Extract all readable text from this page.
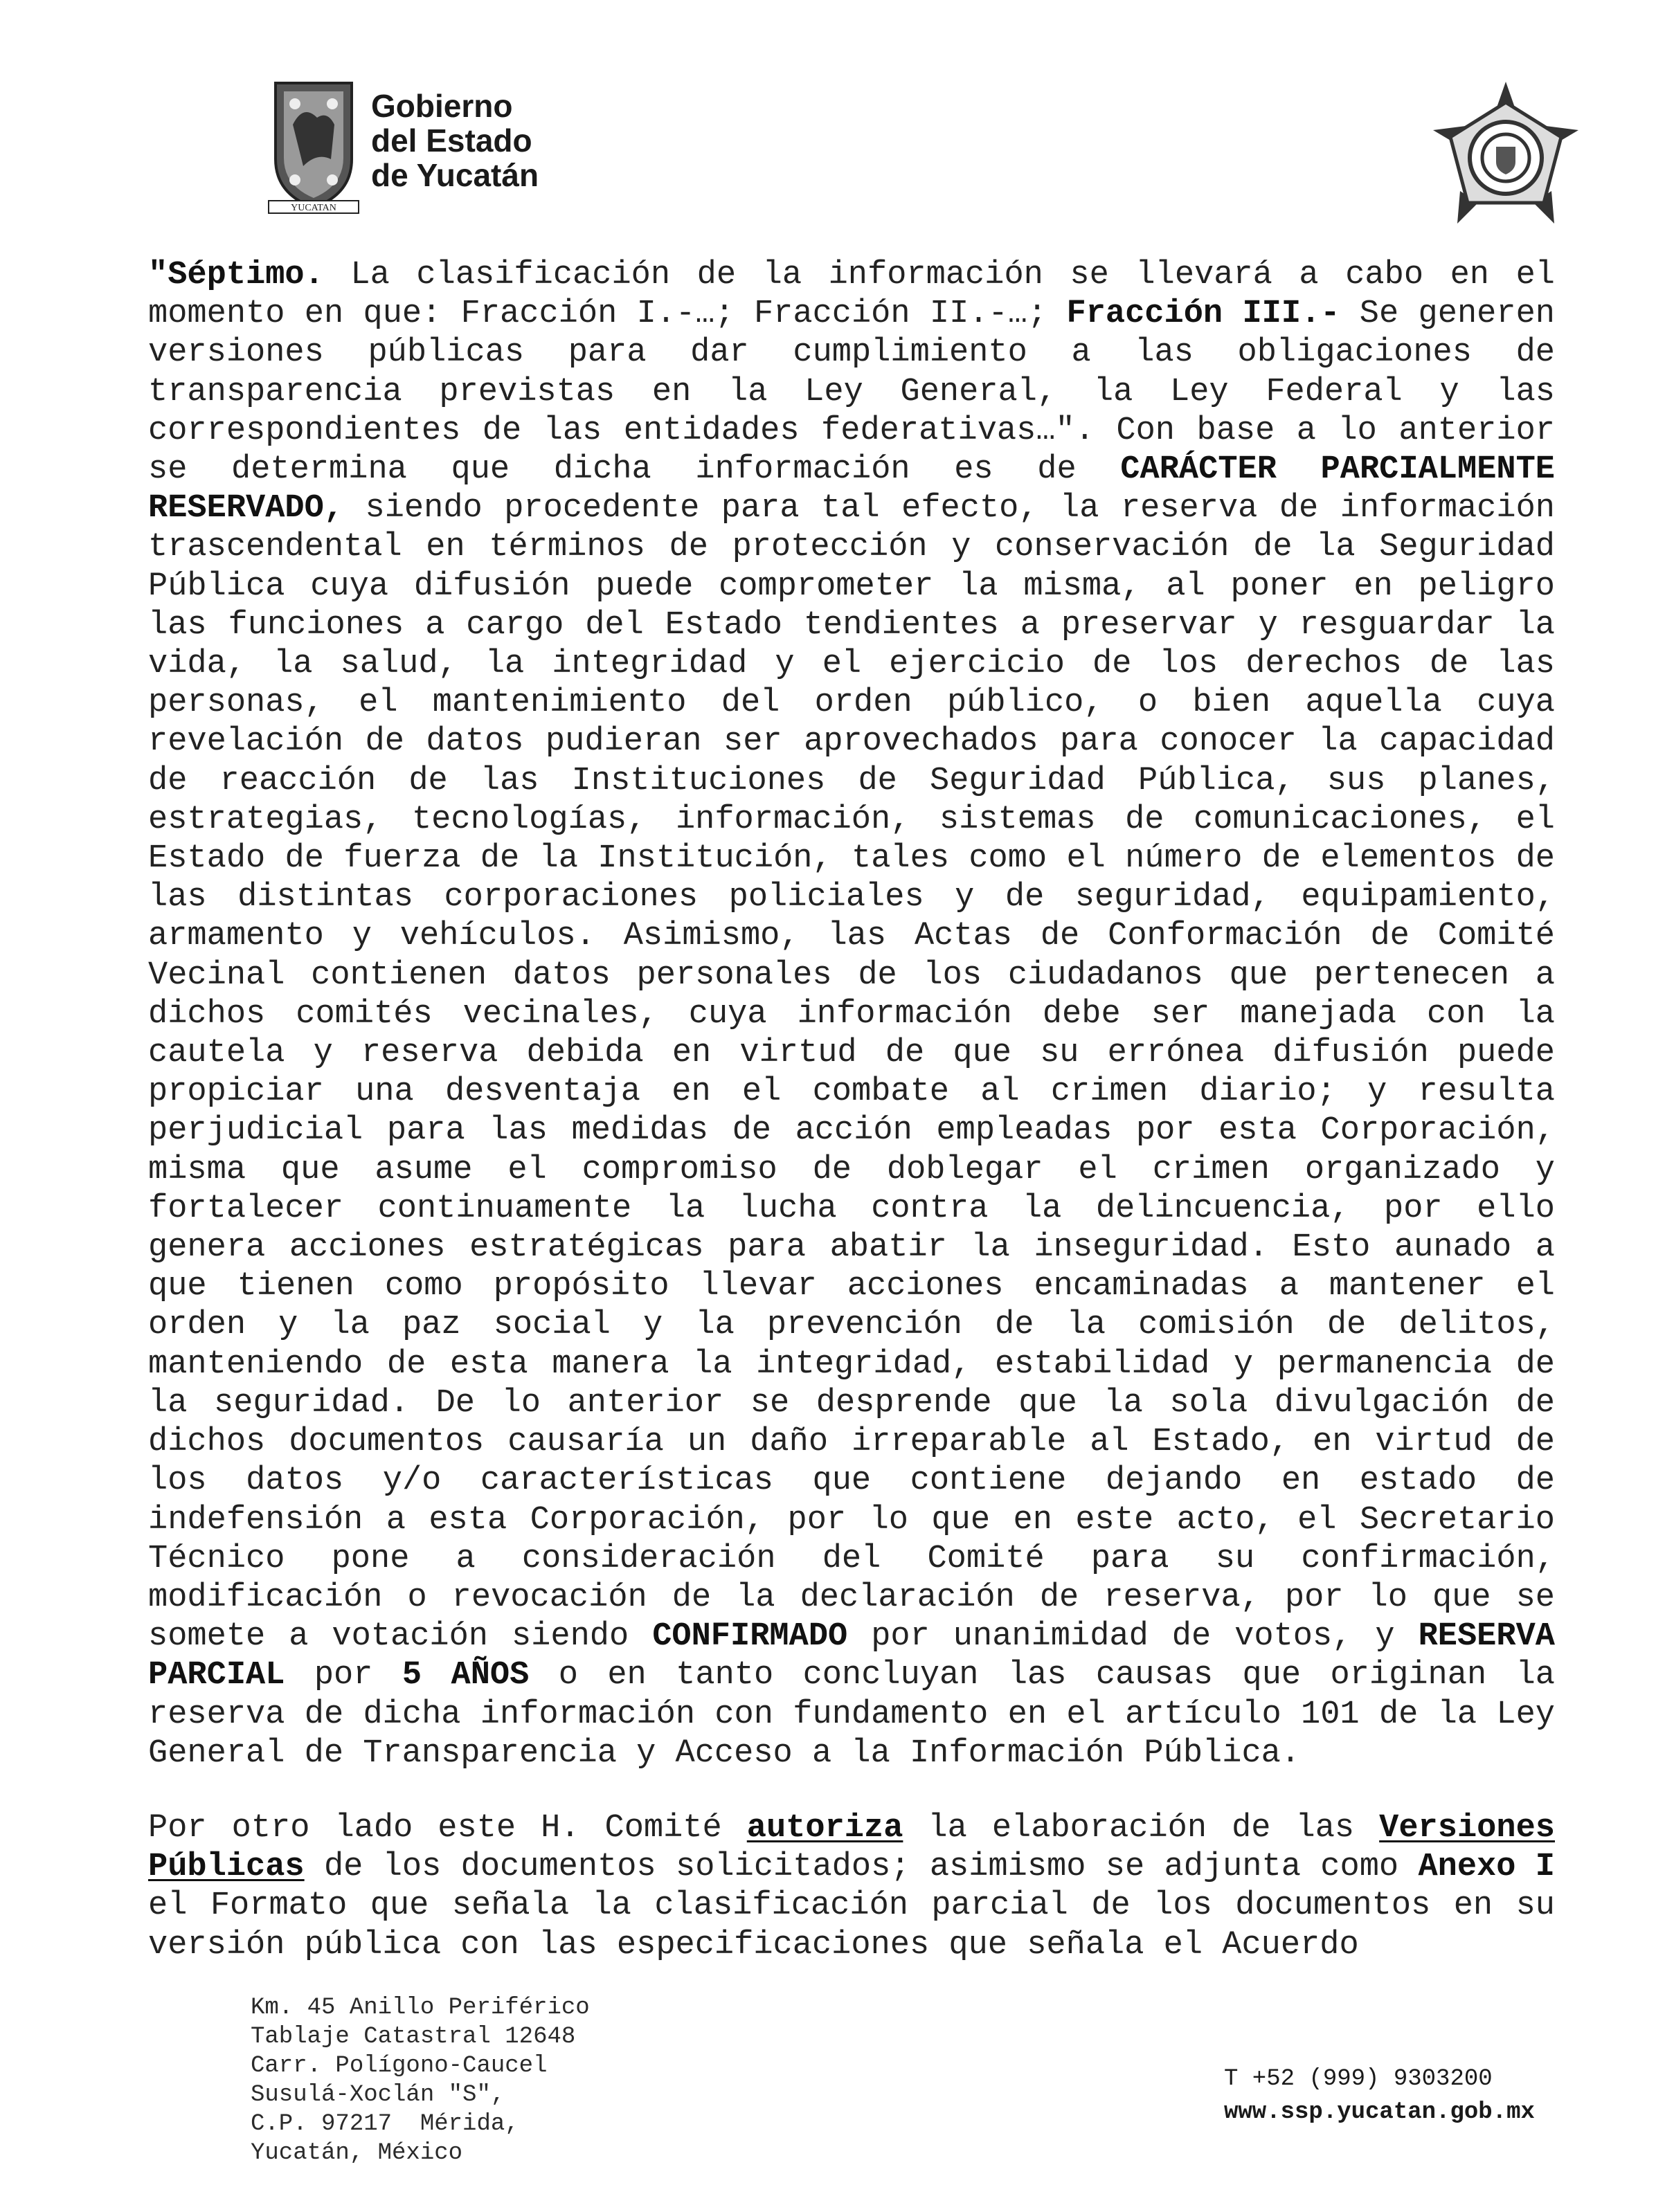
YUCATAN
Gobierno
del Estado
de Yucatán

"Séptimo. La clasificación de la información se llevará a cabo en el momento en que: Fracción I.-…; Fracción II.-…; Fracción III.- Se generen versiones públicas para dar cumplimiento a las obligaciones de transparencia previstas en la Ley General, la Ley Federal y las correspondientes de las entidades federativas…". Con base a lo anterior se determina que dicha información es de CARÁCTER PARCIALMENTE RESERVADO, siendo procedente para tal efecto, la reserva de información trascendental en términos de protección y conservación de la Seguridad Pública cuya difusión puede comprometer la misma, al poner en peligro las funciones a cargo del Estado tendientes a preservar y resguardar la vida, la salud, la integridad y el ejercicio de los derechos de las personas, el mantenimiento del orden público, o bien aquella cuya revelación de datos pudieran ser aprovechados para conocer la capacidad de reacción de las Instituciones de Seguridad Pública, sus planes, estrategias, tecnologías, información, sistemas de comunicaciones, el Estado de fuerza de la Institución, tales como el número de elementos de las distintas corporaciones policiales y de seguridad, equipamiento, armamento y vehículos. Asimismo, las Actas de Conformación de Comité Vecinal contienen datos personales de los ciudadanos que pertenecen a dichos comités vecinales, cuya información debe ser manejada con la cautela y reserva debida en virtud de que su errónea difusión puede propiciar una desventaja en el combate al crimen diario; y resulta perjudicial para las medidas de acción empleadas por esta Corporación, misma que asume el compromiso de doblegar el crimen organizado y fortalecer continuamente la lucha contra la delincuencia, por ello genera acciones estratégicas para abatir la inseguridad. Esto aunado a que tienen como propósito llevar acciones encaminadas a mantener el orden y la paz social y la prevención de la comisión de delitos, manteniendo de esta manera la integridad, estabilidad y permanencia de la seguridad. De lo anterior se desprende que la sola divulgación de dichos documentos causaría un daño irreparable al Estado, en virtud de los datos y/o características que contiene dejando en estado de indefensión a esta Corporación, por lo que en este acto, el Secretario Técnico pone a consideración del Comité para su confirmación, modificación o revocación de la declaración de reserva, por lo que se somete a votación siendo CONFIRMADO por unanimidad de votos, y RESERVA PARCIAL por 5 AÑOS o en tanto concluyan las causas que originan la reserva de dicha información con fundamento en el artículo 101 de la Ley General de Transparencia y Acceso a la Información Pública.

Por otro lado este H. Comité autoriza la elaboración de las Versiones Públicas de los documentos solicitados; asimismo se adjunta como Anexo I el Formato que señala la clasificación parcial de los documentos en su versión pública con las especificaciones que señala el Acuerdo

Km. 45 Anillo Periférico
Tablaje Catastral 12648
Carr. Polígono-Caucel
Susulá-Xoclán "S",
C.P. 97217  Mérida,
Yucatán, México
T +52 (999) 9303200
www.ssp.yucatan.gob.mx
